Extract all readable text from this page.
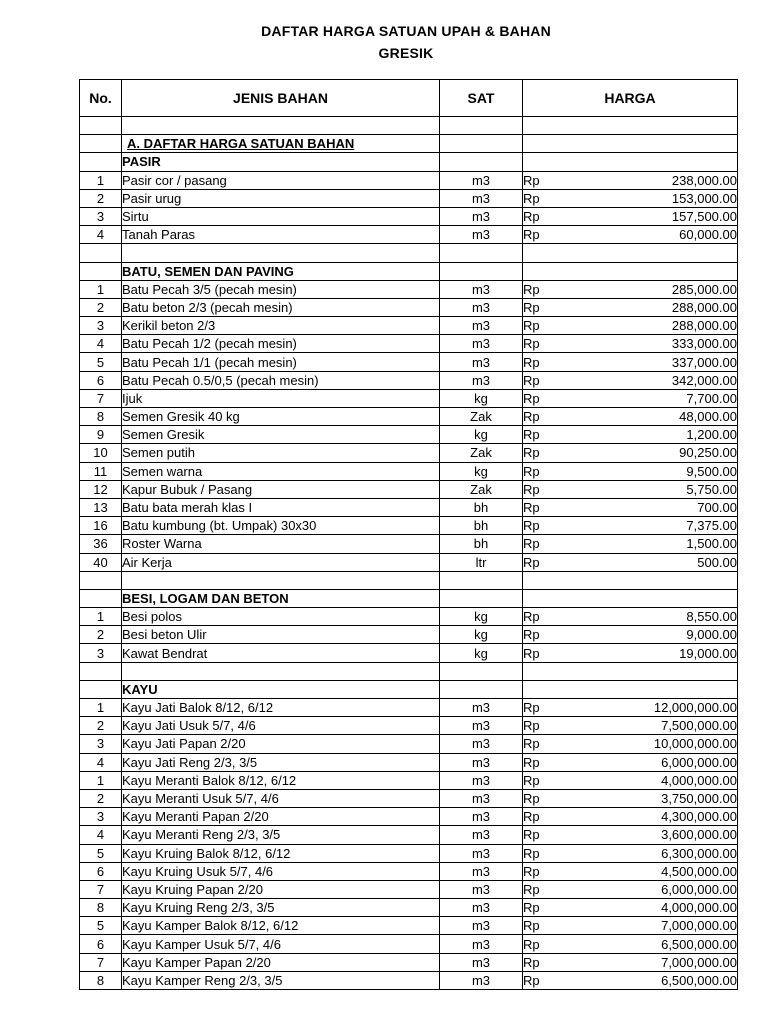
DAFTAR HARGA SATUAN UPAH & BAHAN
GRESIK
No.	JENIS BAHAN	SAT	HARGA	

	A. DAFTAR HARGA SATUAN BAHAN			
	PASIR			
1	Pasir cor / pasang	m3	Rp	238,000.00
2	Pasir urug	m3	Rp	153,000.00
3	Sirtu	m3	Rp	157,500.00
4	Tanah Paras	m3	Rp	60,000.00

	BATU, SEMEN DAN PAVING			
1	Batu Pecah 3/5 (pecah mesin)	m3	Rp	285,000.00
2	Batu beton 2/3 (pecah mesin)	m3	Rp	288,000.00
3	Kerikil beton 2/3	m3	Rp	288,000.00
4	Batu Pecah 1/2 (pecah mesin)	m3	Rp	333,000.00
5	Batu Pecah 1/1 (pecah mesin)	m3	Rp	337,000.00
6	Batu Pecah 0.5/0,5 (pecah mesin)	m3	Rp	342,000.00
7	Ijuk	kg	Rp	7,700.00
8	Semen Gresik 40 kg	Zak	Rp	48,000.00
9	Semen Gresik	kg	Rp	1,200.00
10	Semen putih	Zak	Rp	90,250.00
11	Semen warna	kg	Rp	9,500.00
12	Kapur Bubuk / Pasang	Zak	Rp	5,750.00
13	Batu bata merah klas I	bh	Rp	700.00
16	Batu kumbung (bt. Umpak) 30x30	bh	Rp	7,375.00
36	Roster Warna	bh	Rp	1,500.00
40	Air Kerja	ltr	Rp	500.00

	BESI, LOGAM DAN BETON			
1	Besi polos	kg	Rp	8,550.00
2	Besi beton Ulir	kg	Rp	9,000.00
3	Kawat Bendrat	kg	Rp	19,000.00

	KAYU			
1	Kayu Jati Balok 8/12, 6/12	m3	Rp	12,000,000.00
2	Kayu Jati Usuk 5/7, 4/6	m3	Rp	7,500,000.00
3	Kayu Jati Papan 2/20	m3	Rp	10,000,000.00
4	Kayu Jati Reng 2/3, 3/5	m3	Rp	6,000,000.00
1	Kayu Meranti Balok 8/12, 6/12	m3	Rp	4,000,000.00
2	Kayu Meranti Usuk 5/7, 4/6	m3	Rp	3,750,000.00
3	Kayu Meranti Papan 2/20	m3	Rp	4,300,000.00
4	Kayu Meranti Reng 2/3, 3/5	m3	Rp	3,600,000.00
5	Kayu Kruing Balok 8/12, 6/12	m3	Rp	6,300,000.00
6	Kayu Kruing Usuk 5/7, 4/6	m3	Rp	4,500,000.00
7	Kayu Kruing Papan 2/20	m3	Rp	6,000,000.00
8	Kayu Kruing Reng 2/3, 3/5	m3	Rp	4,000,000.00
5	Kayu Kamper Balok 8/12, 6/12	m3	Rp	7,000,000.00
6	Kayu Kamper Usuk 5/7, 4/6	m3	Rp	6,500,000.00
7	Kayu Kamper Papan 2/20	m3	Rp	7,000,000.00
8	Kayu Kamper Reng 2/3, 3/5	m3	Rp	6,500,000.00
